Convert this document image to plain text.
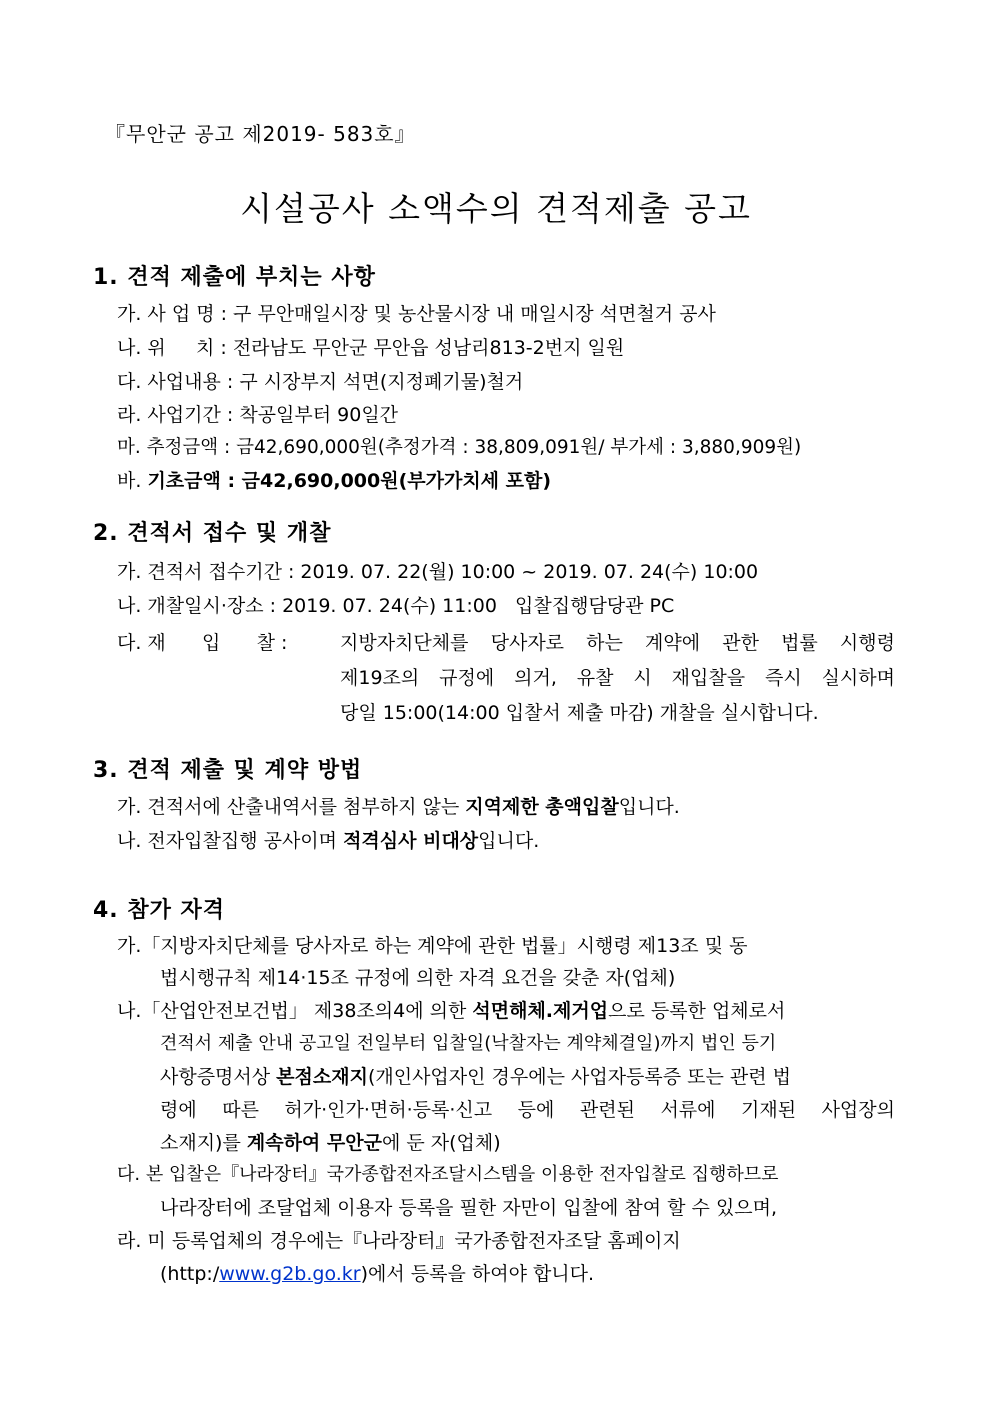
『무안군 공고 제2019- 583호』
시설공사 소액수의 견적제출 공고
1. 견적 제출에 부치는 사항
가. 사 업 명 : 구 무안매일시장 및 농산물시장 내 매일시장 석면철거 공사
나. 위     치 : 전라남도 무안군 무안읍 성남리813-2번지 일원
다. 사업내용 : 구 시장부지 석면(지정폐기물)철거
라. 사업기간 : 착공일부터 90일간
마. 추정금액 : 금42,690,000원(추정가격 : 38,809,091원/ 부가세 : 3,880,909원)
바. 기초금액 : 금42,690,000원(부가가치세 포함)
2. 견적서 접수 및 개찰
가. 견적서 접수기간 : 2019. 07. 22(월) 10:00 ~ 2019. 07. 24(수) 10:00
나. 개찰일시·장소 : 2019. 07. 24(수) 11:00   입찰집행담당관 PC
다. 재      입      찰 :	지방자치단체를 당사자로 하는 계약에 관한 법률 시행령
제19조의 규정에 의거, 유찰 시 재입찰을 즉시 실시하며
당일 15:00(14:00 입찰서 제출 마감) 개찰을 실시합니다.
3. 견적 제출 및 계약 방법
가. 견적서에 산출내역서를 첨부하지 않는 지역제한 총액입찰입니다.
나. 전자입찰집행 공사이며 적격심사 비대상입니다.
4. 참가 자격
가.「지방자치단체를 당사자로 하는 계약에 관한 법률」시행령 제13조 및 동
법시행규칙 제14·15조 규정에 의한 자격 요건을 갖춘 자(업체)
나.「산업안전보건법」 제38조의4에 의한 석면해체.제거업으로 등록한 업체로서
견적서 제출 안내 공고일 전일부터 입찰일(낙찰자는 계약체결일)까지 법인 등기
사항증명서상 본점소재지(개인사업자인 경우에는 사업자등록증 또는 관련 법
령에 따른 허가·인가·면허·등록·신고 등에 관련된 서류에 기재된 사업장의
소재지)를 계속하여 무안군에 둔 자(업체)
다. 본 입찰은『나라장터』국가종합전자조달시스템을 이용한 전자입찰로 집행하므로
나라장터에 조달업체 이용자 등록을 필한 자만이 입찰에 참여 할 수 있으며,
라. 미 등록업체의 경우에는『나라장터』국가종합전자조달 홈페이지
(http:/www.g2b.go.kr)에서 등록을 하여야 합니다.
